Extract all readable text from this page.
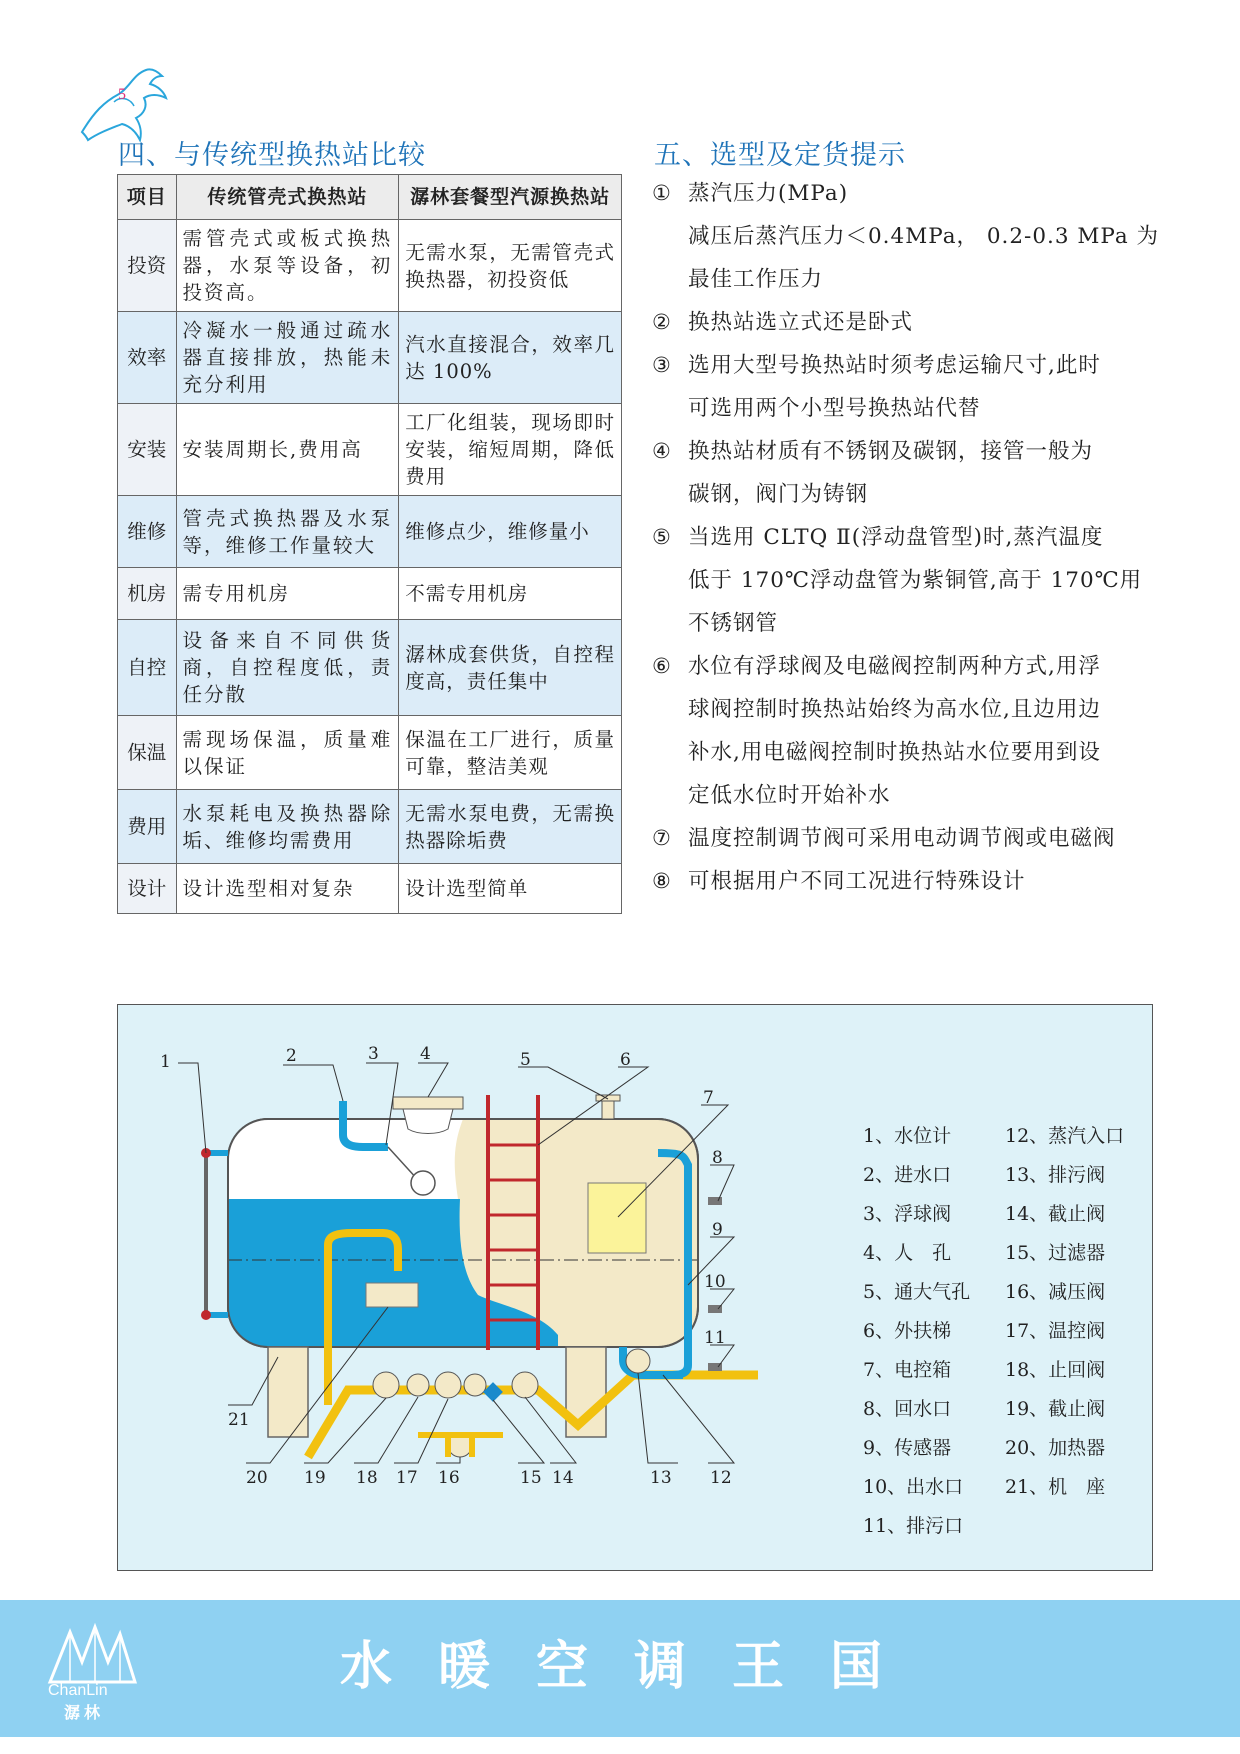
5
四、与传统型换热站比较	五、选型及定货提示
项目	传统管壳式换热站	潺林套餐型汽源换热站
投资	需管壳式或板式换热器，水泵等设备，初投资高。	无需水泵，无需管壳式换热器，初投资低
效率	冷凝水一般通过疏水器直接排放，热能未充分利用	汽水直接混合，效率几达 100%
安装	安装周期长,费用高	工厂化组装，现场即时安装，缩短周期，降低费用
维修	管壳式换热器及水泵等，维修工作量较大	维修点少，维修量小
机房	需专用机房	不需专用机房
自控	设备来自不同供货商，自控程度低，责任分散	潺林成套供货，自控程度高，责任集中
保温	需现场保温，质量难以保证	保温在工厂进行，质量可靠，整洁美观
费用	水泵耗电及换热器除垢、维修均需费用	无需水泵电费，无需换热器除垢费
设计	设计选型相对复杂	设计选型简单
① 蒸汽压力(MPa)
减压后蒸汽压力＜0.4MPa， 0.2-0.3 MPa 为
最佳工作压力
② 换热站选立式还是卧式
③ 选用大型号换热站时须考虑运输尺寸,此时
可选用两个小型号换热站代替
④ 换热站材质有不锈钢及碳钢，接管一般为
碳钢，阀门为铸钢
⑤ 当选用 CLTQ Ⅱ(浮动盘管型)时,蒸汽温度
低于 170℃浮动盘管为紫铜管,高于 170℃用
不锈钢管
⑥ 水位有浮球阀及电磁阀控制两种方式,用浮
球阀控制时换热站始终为高水位,且边用边
补水,用电磁阀控制时换热站水位要用到设
定低水位时开始补水
⑦ 温度控制调节阀可采用电动调节阀或电磁阀
⑧ 可根据用户不同工况进行特殊设计
1	2	3 4	5	6
7
8
9
10
11
12
13
14
15
16
17
18
19
20
21
1、水位计
2、进水口
3、浮球阀
4、人　孔
5、通大气孔
6、外扶梯
7、电控箱
8、回水口
9、传感器
10、出水口
11、排污口
12、蒸汽入口
13、排污阀
14、截止阀
15、过滤器
16、减压阀
17、温控阀
18、止回阀
19、截止阀
20、加热器
21、机　座
ChanLin
潺林
水暖空调王国
